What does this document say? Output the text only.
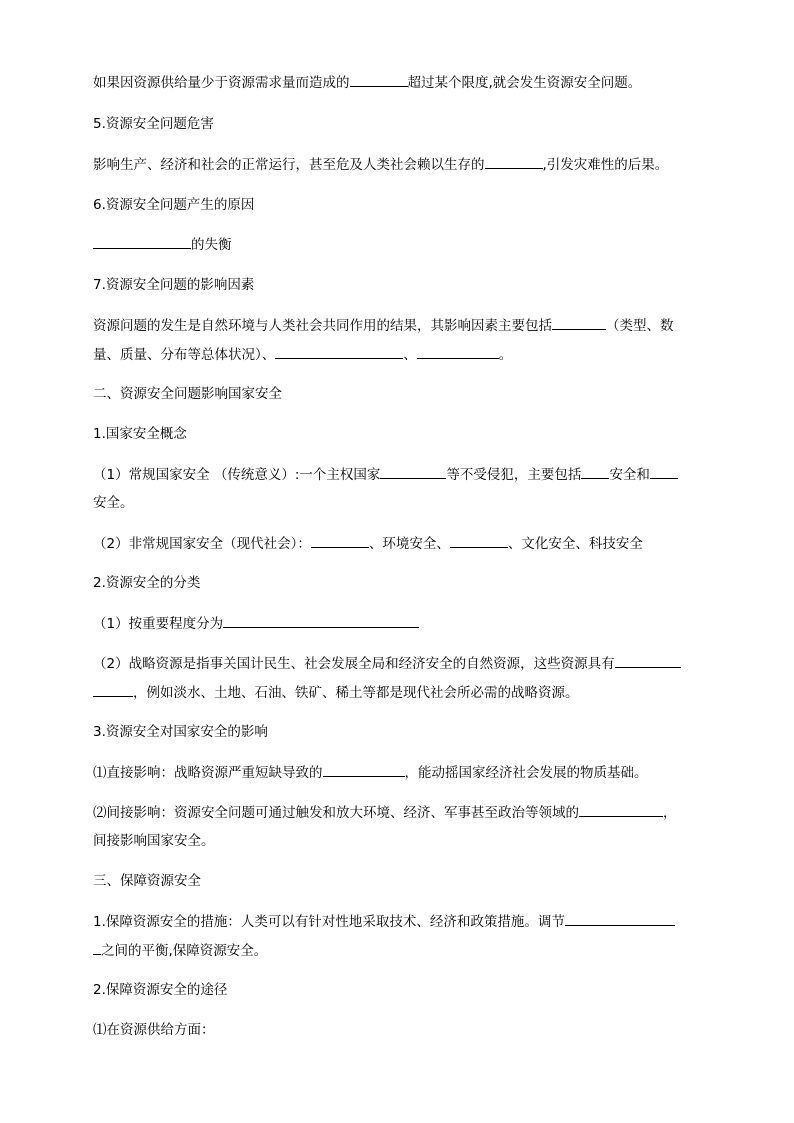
如果因资源供给量少于资源需求量而造成的	超过某个限度,就会发生资源安全问题。
5.资源安全问题危害
影响生产、经济和社会的正常运行，甚至危及人类社会赖以生存的	,引发灾难性的后果。
6.资源安全问题产生的原因
的失衡
7.资源安全问题的影响因素
资源问题的发生是自然环境与人类社会共同作用的结果，其影响因素主要包括	（类型、数
量、质量、分布等总体状况）、	、	。
二、资源安全问题影响国家安全
1.国家安全概念
（1）常规国家安全 （传统意义）:一个主权国家	等不受侵犯，主要包括 安全和
安全。
（2）非常规国家安全（现代社会）：	、环境安全、	、文化安全、科技安全
2.资源安全的分类
（1）按重要程度分为
（2）战略资源是指事关国计民生、社会发展全局和经济安全的自然资源，这些资源具有
，例如淡水、土地、石油、铁矿、稀土等都是现代社会所必需的战略资源。
3.资源安全对国家安全的影响
⑴直接影响：战略资源严重短缺导致的	，能动摇国家经济社会发展的物质基础。
⑵间接影响：资源安全问题可通过触发和放大环境、经济、军事甚至政治等领域的	，
间接影响国家安全。
三、保障资源安全
1.保障资源安全的措施：人类可以有针对性地采取技术、经济和政策措施。调节
之间的平衡,保障资源安全。
2.保障资源安全的途径
⑴在资源供给方面：
